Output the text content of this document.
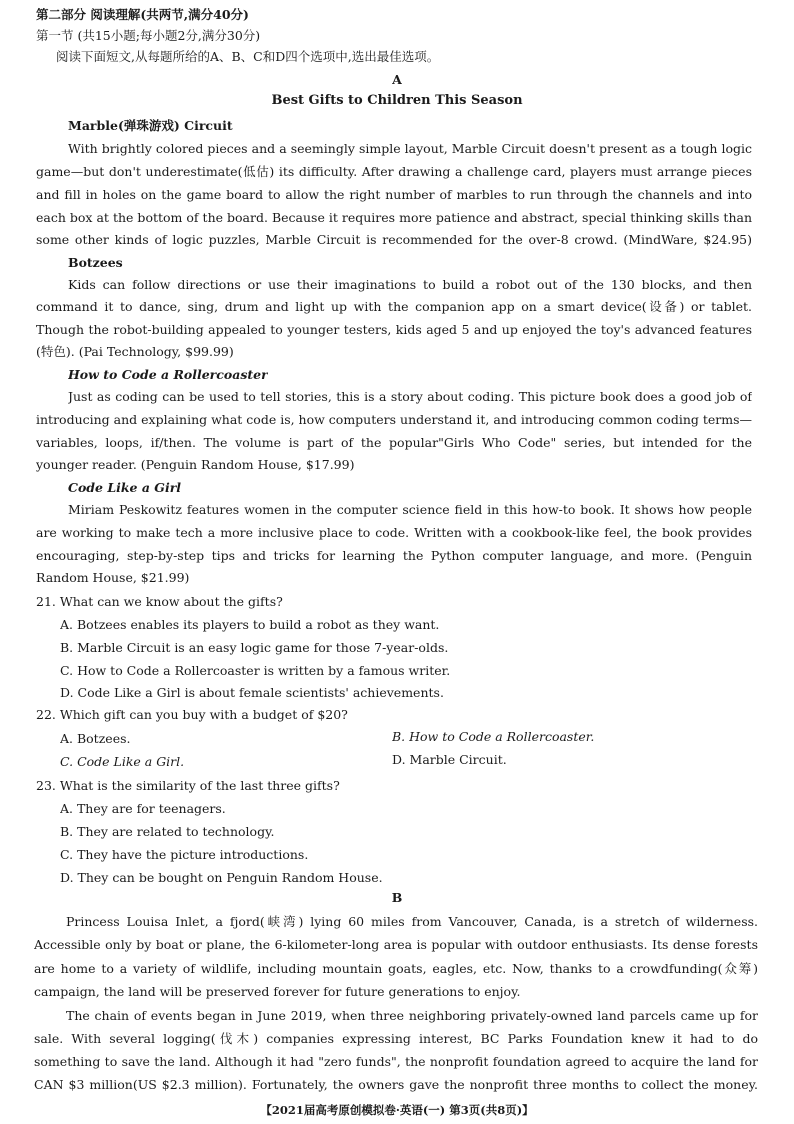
第二部分 阅读理解(共两节,满分40分)
第一节 (共15小题;每小题2分,满分30分)
阅读下面短文,从每题所给的A、B、C和D四个选项中,选出最佳选项。
A
Best Gifts to Children This Season
Marble(弹珠游戏) Circuit
With brightly colored pieces and a seemingly simple layout, Marble Circuit doesn't present as a tough logic
game—but don't underestimate(低估) its difficulty. After drawing a challenge card, players must arrange pieces
and fill in holes on the game board to allow the right number of marbles to run through the channels and into
each box at the bottom of the board. Because it requires more patience and abstract, special thinking skills than
some other kinds of logic puzzles, Marble Circuit is recommended for the over-8 crowd. (MindWare, $24.95)
Botzees
Kids can follow directions or use their imaginations to build a robot out of the 130 blocks, and then
command it to dance, sing, drum and light up with the companion app on a smart device(设备) or tablet.
Though the robot-building appealed to younger testers, kids aged 5 and up enjoyed the toy's advanced features
(特色). (Pai Technology, $99.99)
How to Code a Rollercoaster
Just as coding can be used to tell stories, this is a story about coding. This picture book does a good job of
introducing and explaining what code is, how computers understand it, and introducing common coding terms—
variables, loops, if/then. The volume is part of the popular"Girls Who Code" series, but intended for the
younger reader. (Penguin Random House, $17.99)
Code Like a Girl
Miriam Peskowitz features women in the computer science field in this how-to book. It shows how people
are working to make tech a more inclusive place to code. Written with a cookbook-like feel, the book provides
encouraging, step-by-step tips and tricks for learning the Python computer language, and more. (Penguin
Random House, $21.99)
21. What can we know about the gifts?
A. Botzees enables its players to build a robot as they want.
B. Marble Circuit is an easy logic game for those 7-year-olds.
C. How to Code a Rollercoaster is written by a famous writer.
D. Code Like a Girl is about female scientists' achievements.
22. Which gift can you buy with a budget of $20?
A. Botzees.	B. How to Code a Rollercoaster.
C. Code Like a Girl.	D. Marble Circuit.
23. What is the similarity of the last three gifts?
A. They are for teenagers.
B. They are related to technology.
C. They have the picture introductions.
D. They can be bought on Penguin Random House.
B
Princess Louisa Inlet, a fjord(峡湾) lying 60 miles from Vancouver, Canada, is a stretch of wilderness.
Accessible only by boat or plane, the 6-kilometer-long area is popular with outdoor enthusiasts. Its dense forests
are home to a variety of wildlife, including mountain goats, eagles, etc. Now, thanks to a crowdfunding(众筹)
campaign, the land will be preserved forever for future generations to enjoy.
The chain of events began in June 2019, when three neighboring privately-owned land parcels came up for
sale. With several logging(伐木) companies expressing interest, BC Parks Foundation knew it had to do
something to save the land. Although it had "zero funds", the nonprofit foundation agreed to acquire the land for
CAN $3 million(US $2.3 million). Fortunately, the owners gave the nonprofit three months to collect the money.
【2021届高考原创模拟卷·英语(一) 第3页(共8页)】
